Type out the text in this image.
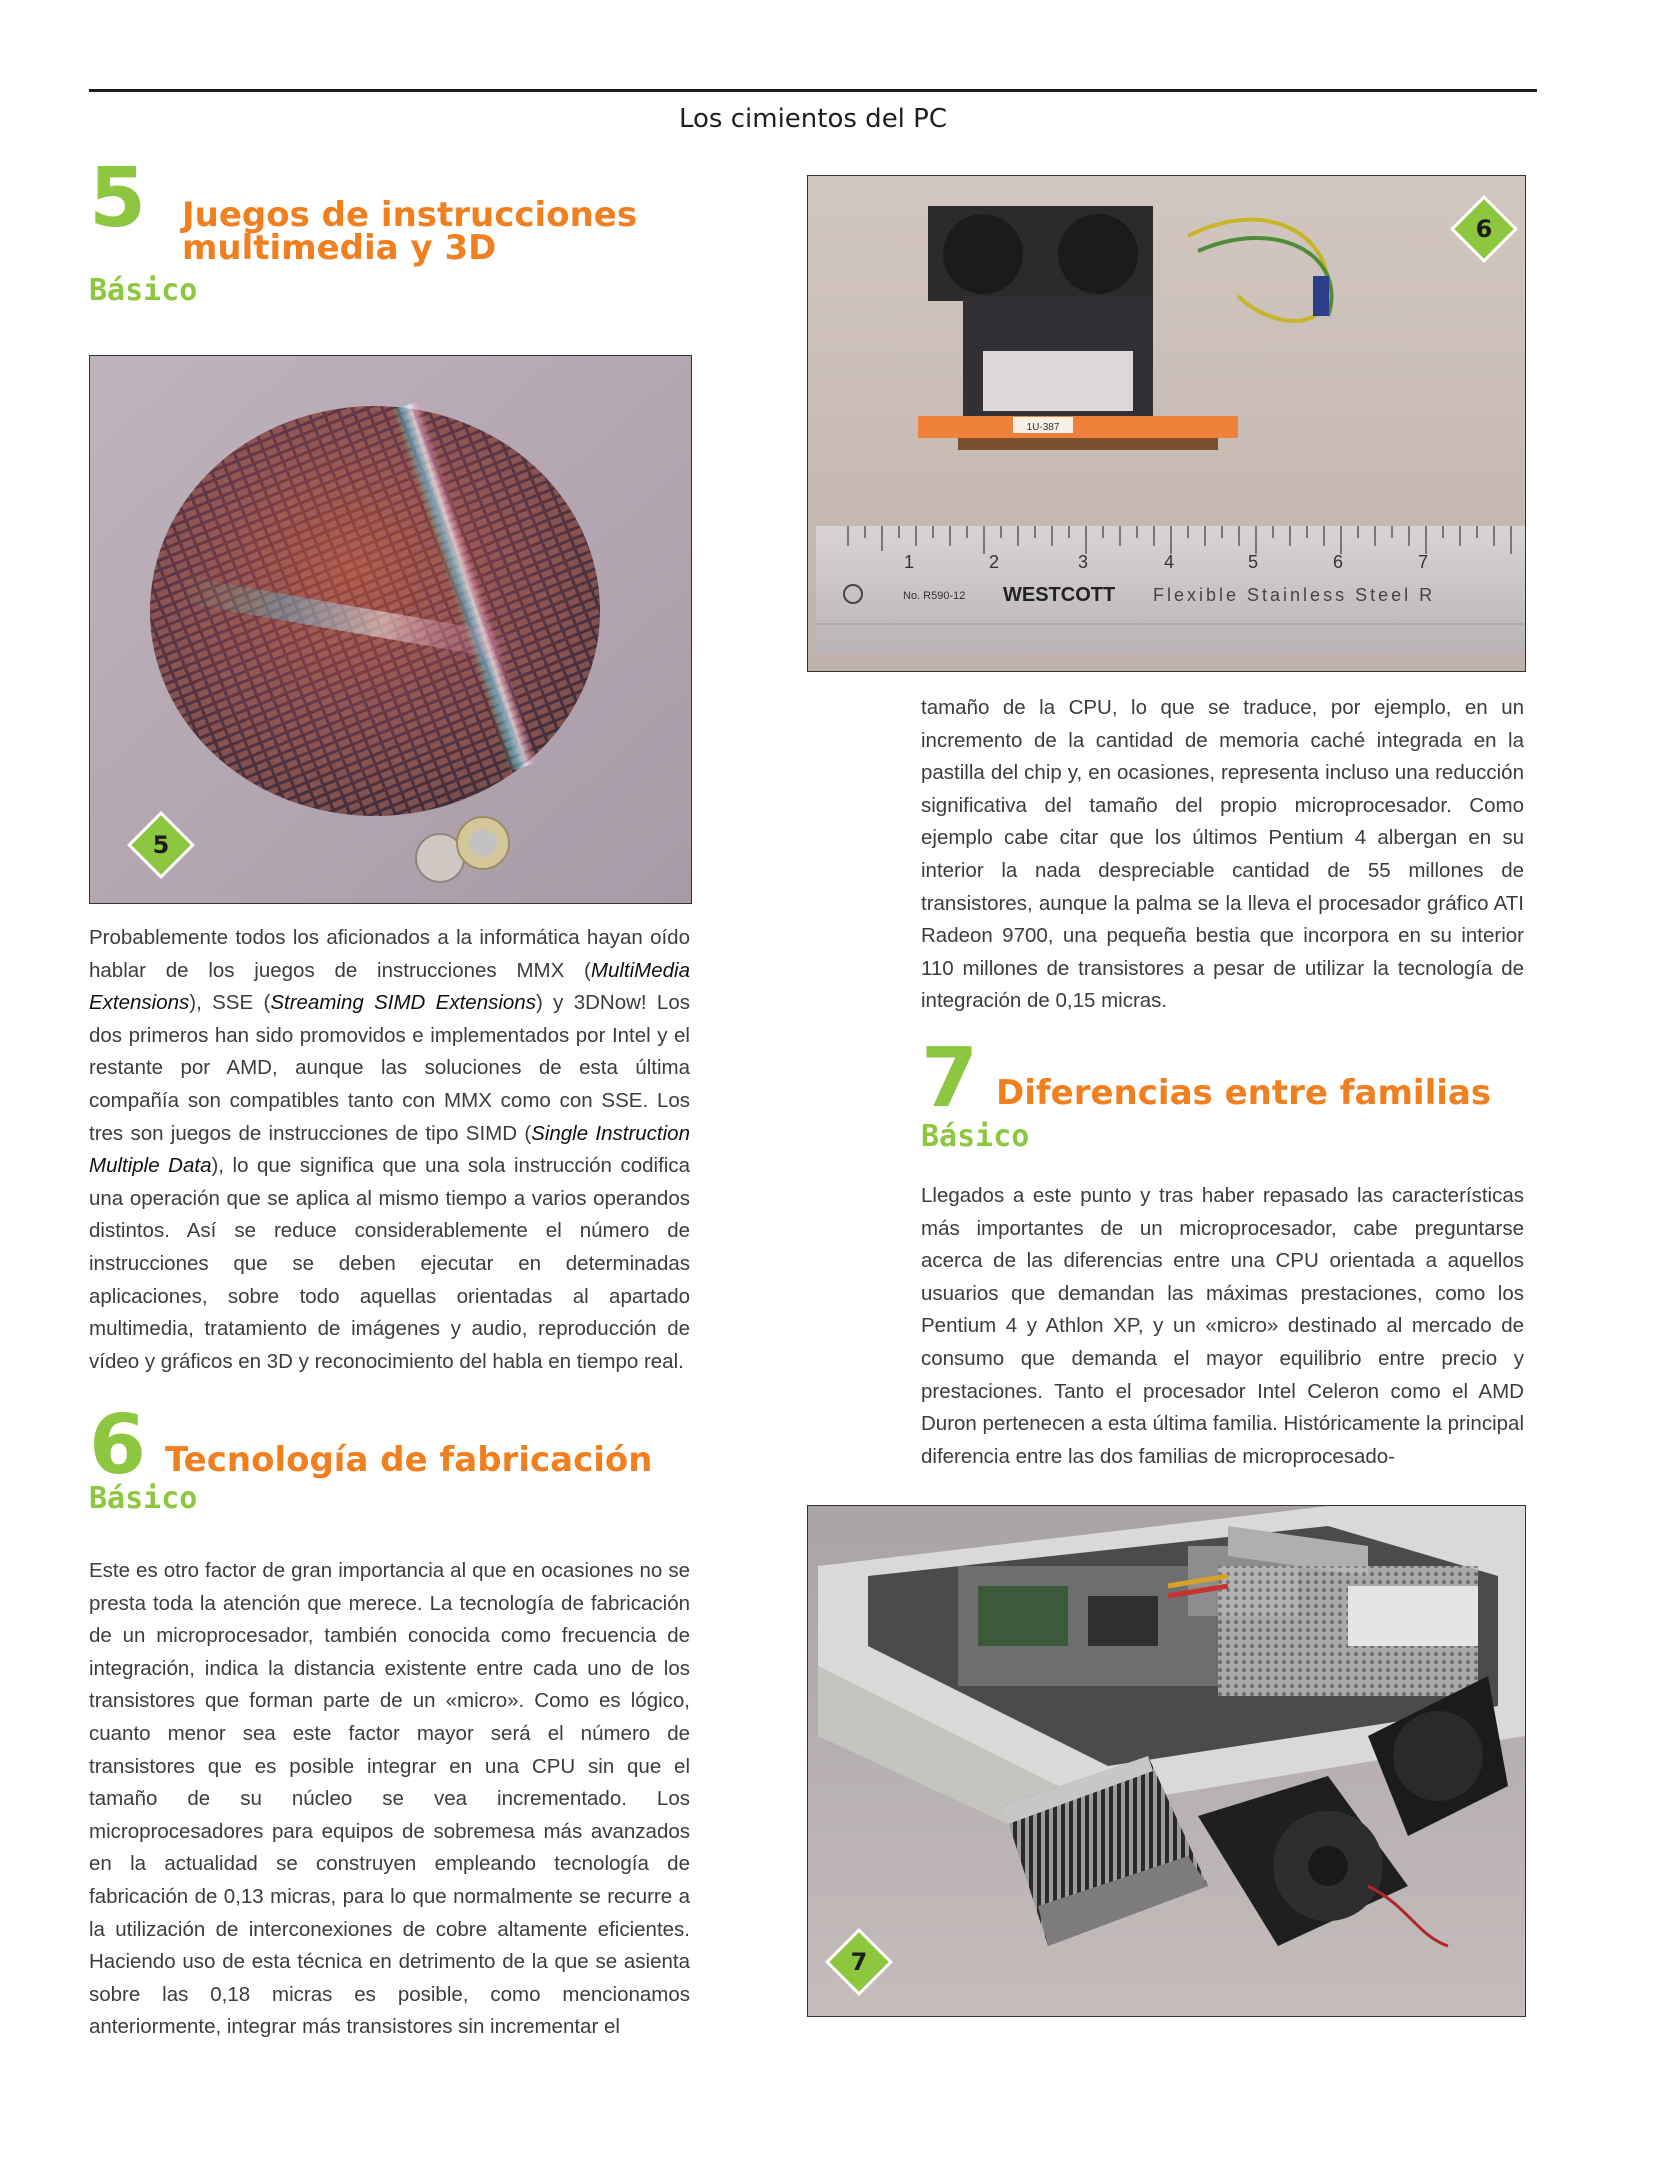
Los cimientos del PC
5 Juegos de instrucciones
multimedia y 3D
Básico
5

Probablemente todos los aficionados a la informática hayan oído hablar de los juegos de instrucciones MMX (MultiMedia Extensions), SSE (Streaming SIMD Extensions) y 3DNow! Los dos primeros han sido promovidos e implementados por Intel y el restante por AMD, aunque las soluciones de esta última compañía son compatibles tanto con MMX como con SSE. Los tres son juegos de instrucciones de tipo SIMD (Single Instruction Multiple Data), lo que significa que una sola instrucción codifica una operación que se aplica al mismo tiempo a varios operandos distintos. Así se reduce considerablemente el número de instrucciones que se deben ejecutar en determinadas aplicaciones, sobre todo aquellas orientadas al apartado multimedia, tratamiento de imágenes y audio, reproducción de vídeo y gráficos en 3D y reconocimiento del habla en tiempo real.

6 Tecnología de fabricación
Básico

Este es otro factor de gran importancia al que en ocasiones no se presta toda la atención que merece. La tecnología de fabricación de un microprocesador, también conocida como frecuencia de integración, indica la distancia existente entre cada uno de los transistores que forman parte de un «micro». Como es lógico, cuanto menor sea este factor mayor será el número de transistores que es posible integrar en una CPU sin que el tamaño de su núcleo se vea incrementado. Los microprocesadores para equipos de sobremesa más avanzados en la actualidad se construyen empleando tecnología de fabricación de 0,13 micras, para lo que normalmente se recurre a la utilización de interconexiones de cobre altamente eficientes. Haciendo uso de esta técnica en detrimento de la que se asienta sobre las 0,18 micras es posible, como mencionamos anteriormente, integrar más transistores sin incrementar el

1U-387
1	2	3	4	5	6	7
No. R590-12 WESTCOTT Flexible Stainless Steel R
6

tamaño de la CPU, lo que se traduce, por ejemplo, en un incremento de la cantidad de memoria caché integrada en la pastilla del chip y, en ocasiones, representa incluso una reducción significativa del tamaño del propio microprocesador. Como ejemplo cabe citar que los últimos Pentium 4 albergan en su interior la nada despreciable cantidad de 55 millones de transistores, aunque la palma se la lleva el procesador gráfico ATI Radeon 9700, una pequeña bestia que incorpora en su interior 110 millones de transistores a pesar de utilizar la tecnología de integración de 0,15 micras.

7 Diferencias entre familias
Básico

Llegados a este punto y tras haber repasado las características más importantes de un microprocesador, cabe preguntarse acerca de las diferencias entre una CPU orientada a aquellos usuarios que demandan las máximas prestaciones, como los Pentium 4 y Athlon XP, y un «micro» destinado al mercado de consumo que demanda el mayor equilibrio entre precio y prestaciones. Tanto el procesador Intel Celeron como el AMD Duron pertenecen a esta última familia. Históricamente la principal diferencia entre las dos familias de microprocesado-

7
